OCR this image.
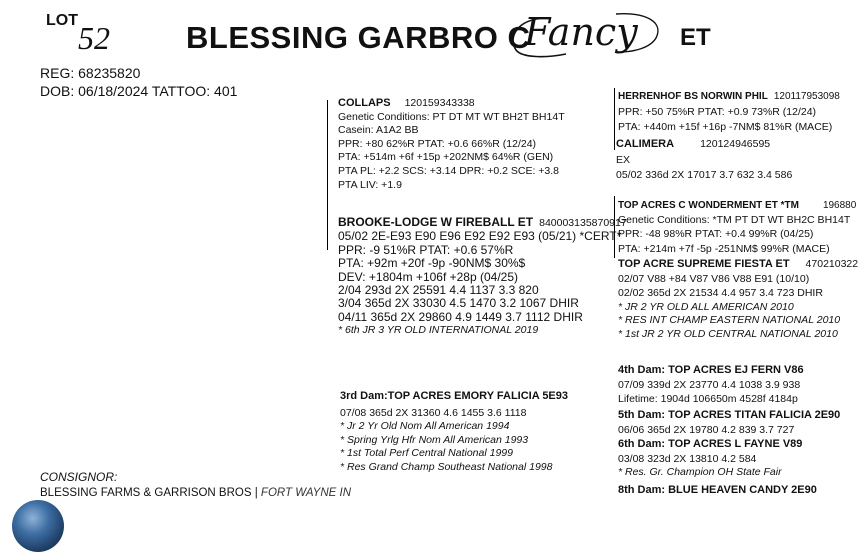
LOT 52 BLESSING GARBRO C
Fancy ET
REG: 68235820
DOB: 06/18/2024 TATTOO: 401
COLLAPS 120159343338
Genetic Conditions: PT DT MT WT BH2T BH14T
Casein: A1A2 BB
PPR: +80 62%R PTAT: +0.6 66%R (12/24)
PTA: +514m +6f +15p +202NM$ 64%R (GEN)
PTA PL: +2.2 SCS: +3.14 DPR: +0.2 SCE: +3.8
PTA LIV: +1.9
BROOKE-LODGE W FIREBALL ET 840003135870917
05/02 2E-E93 E90 E96 E92 E92 E93 (05/21) *CERT*
PPR: -9 51%R PTAT: +0.6 57%R
PTA: +92m +20f -9p -90NM$ 30%$
DEV: +1804m +106f +28p (04/25)
2/04 293d 2X 25591 4.4 1137 3.3 820
3/04 365d 2X 33030 4.5 1470 3.2 1067 DHIR
04/11 365d 2X 29860 4.9 1449 3.7 1112 DHIR
* 6th JR 3 YR OLD INTERNATIONAL 2019
3rd Dam:TOP ACRES EMORY FALICIA 5E93
07/08 365d 2X 31360 4.6 1455 3.6 1118
* Jr 2 Yr Old Nom All American 1994
* Spring Yrlg Hfr Nom All American 1993
* 1st Total Perf Central National 1999
* Res Grand Champ Southeast National 1998
HERRENHOF BS NORWIN PHIL 120117953098
PPR: +50 75%R PTAT: +0.9 73%R (12/24)
PTA: +440m +15f +16p -7NM$ 81%R (MACE)
CALIMERA 120124946595
EX
05/02 336d 2X 17017 3.7 632 3.4 586
TOP ACRES C WONDERMENT ET *TM 196880
Genetic Conditions: *TM PT DT WT BH2C BH14T
PPR: -48 98%R PTAT: +0.4 99%R (04/25)
PTA: +214m +7f -5p -251NM$ 99%R (MACE)
TOP ACRE SUPREME FIESTA ET 470210322
02/07 V88 +84 V87 V86 V88 E91 (10/10)
02/02 365d 2X 21534 4.4 957 3.4 723 DHIR
* JR 2 YR OLD ALL AMERICAN 2010
* RES INT CHAMP EASTERN NATIONAL 2010
* 1st JR 2 YR OLD CENTRAL NATIONAL 2010
4th Dam: TOP ACRES EJ FERN V86
07/09 339d 2X 23770 4.4 1038 3.9 938
Lifetime: 1904d 106650m 4528f 4184p
5th Dam: TOP ACRES TITAN FALICIA 2E90
06/06 365d 2X 19780 4.2 839 3.7 727
6th Dam: TOP ACRES L FAYNE V89
03/08 323d 2X 13810 4.2 584
* Res. Gr. Champion OH State Fair
8th Dam: BLUE HEAVEN CANDY 2E90
CONSIGNOR:
BLESSING FARMS & GARRISON BROS | FORT WAYNE IN
